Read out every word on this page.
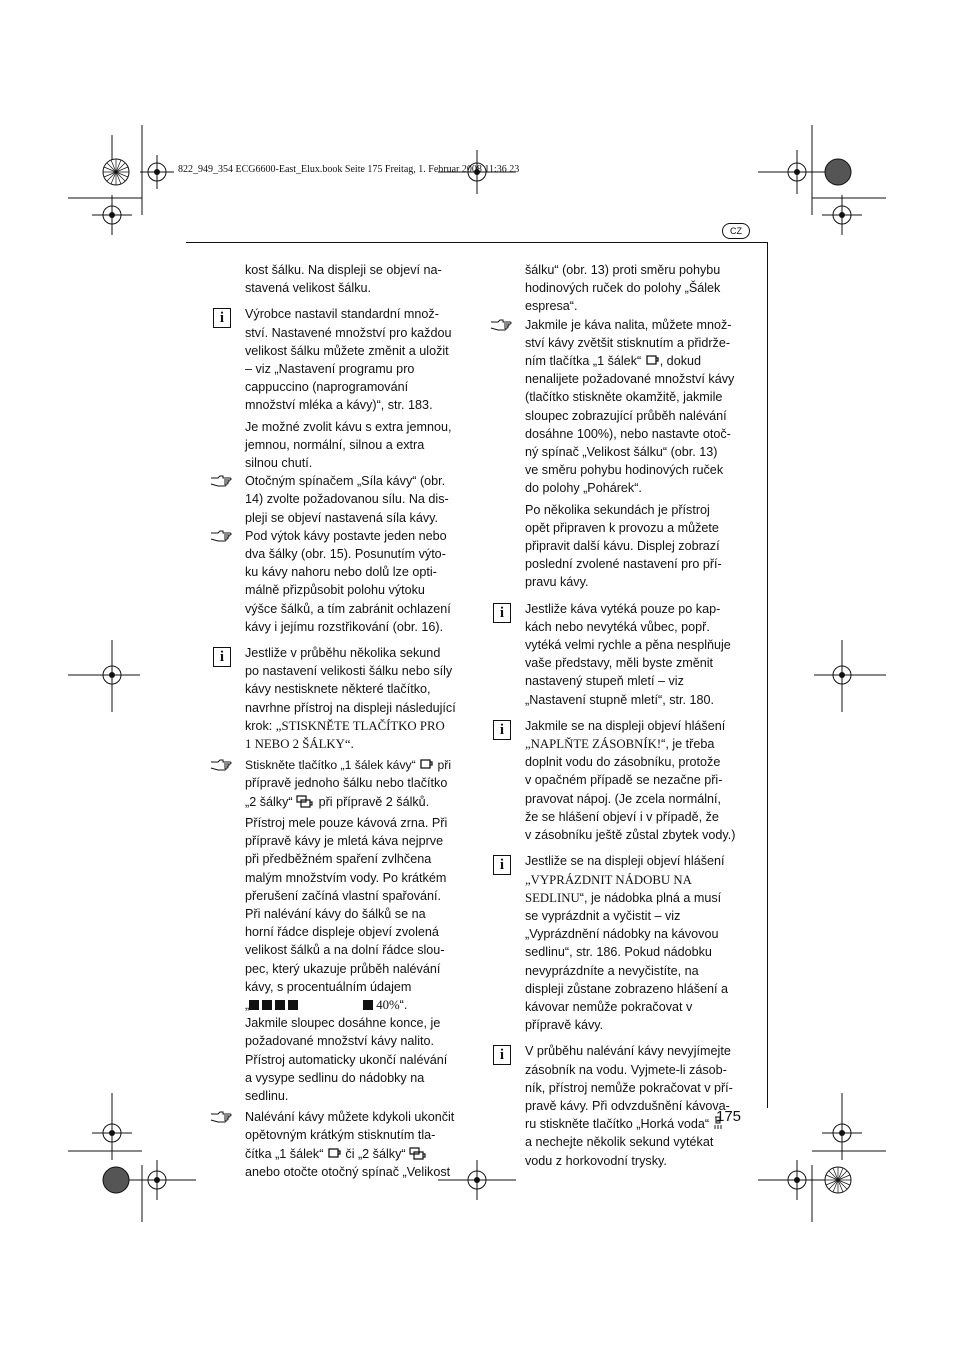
822_949_354 ECG6600-East_Elux.book Seite 175 Freitag, 1. Februar 2008 11:36 23
CZ

kost šálku. Na displeji se objeví na-

stavená velikost šálku.

i	Výrobce nastavil standardní množ-

ství. Nastavené množství pro každou

velikost šálku můžete změnit a uložit

– viz „Nastavení programu pro

cappuccino (naprogramování

množství mléka a kávy)“, str. 183.

Je možné zvolit kávu s extra jemnou,

jemnou, normální, silnou a extra

silnou chutí.

Otočným spínačem „Síla kávy“ (obr.

14) zvolte požadovanou sílu. Na dis-

pleji se objeví nastavená síla kávy.

Pod výtok kávy postavte jeden nebo

dva šálky (obr. 15). Posunutím výto-

ku kávy nahoru nebo dolů lze opti-

málně přizpůsobit polohu výtoku

výšce šálků, a tím zabránit ochlazení

kávy i jejímu rozstřikování (obr. 16).

i	Jestliže v průběhu několika sekund

po nastavení velikosti šálku nebo síly

kávy nestisknete některé tlačítko,

navrhne přístroj na displeji následující

krok: „STISKNĚTE TLAČÍTKO PRO

1 NEBO 2 ŠÁLKY“.

Stiskněte tlačítko „1 šálek kávy“ při

přípravě jednoho šálku nebo tlačítko

„2 šálky“ při přípravě 2 šálků.

Přístroj mele pouze kávová zrna. Při

přípravě kávy je mletá káva nejprve

při předběžném spaření zvlhčena

malým množstvím vody. Po krátkém

přerušení začíná vlastní spařování.

Při nalévání kávy do šálků se na

horní řádce displeje objeví zvolená

velikost šálků a na dolní řádce slou-

pec, který ukazuje průběh nalévání

kávy, s procentuálním údajem

„	40%“.

Jakmile sloupec dosáhne konce, je

požadované množství kávy nalito.

Přístroj automaticky ukončí nalévání

a vysype sedlinu do nádobky na

sedlinu.

Nalévání kávy můžete kdykoli ukončit

opětovným krátkým stisknutím tla-

čítka „1 šálek“ či „2 šálky“

anebo otočte otočný spínač „Velikost

šálku“ (obr. 13) proti směru pohybu

hodinových ruček do polohy „Šálek

espresa“.

Jakmile je káva nalita, můžete množ-

ství kávy zvětšit stisknutím a přidrže-

ním tlačítka „1 šálek“ , dokud

nenalijete požadované množství kávy

(tlačítko stiskněte okamžitě, jakmile

sloupec zobrazující průběh nalévání

dosáhne 100%), nebo nastavte otoč-

ný spínač „Velikost šálku“ (obr. 13)

ve směru pohybu hodinových ruček

do polohy „Pohárek“.

Po několika sekundách je přístroj

opět připraven k provozu a můžete

připravit další kávu. Displej zobrazí

poslední zvolené nastavení pro pří-

pravu kávy.

i	Jestliže káva vytéká pouze po kap-

kách nebo nevytéká vůbec, popř.

vytéká velmi rychle a pěna nesplňuje

vaše představy, měli byste změnit

nastavený stupeň mletí – viz

„Nastavení stupně mletí“, str. 180.

i	Jakmile se na displeji objeví hlášení

„NAPLŇTE ZÁSOBNÍK!“, je třeba

doplnit vodu do zásobníku, protože

v opačném případě se nezačne při-

pravovat nápoj. (Je zcela normální,

že se hlášení objeví i v případě, že

v zásobníku ještě zůstal zbytek vody.)

i	Jestliže se na displeji objeví hlášení

„VYPRÁZDNIT NÁDOBU NA

SEDLINU“, je nádobka plná a musí

se vyprázdnit a vyčistit – viz

„Vyprázdnění nádobky na kávovou

sedlinu“, str. 186. Pokud nádobku

nevyprázdníte a nevyčistíte, na

displeji zůstane zobrazeno hlášení a

kávovar nemůže pokračovat v

přípravě kávy.

i	V průběhu nalévání kávy nevyjímejte

zásobník na vodu. Vyjmete-li zásob-

ník, přístroj nemůže pokračovat v pří-

pravě kávy. Při odvzdušnění kávova-

ru stiskněte tlačítko „Horká voda“

a nechejte několik sekund vytékat

vodu z horkovodní trysky.

175
